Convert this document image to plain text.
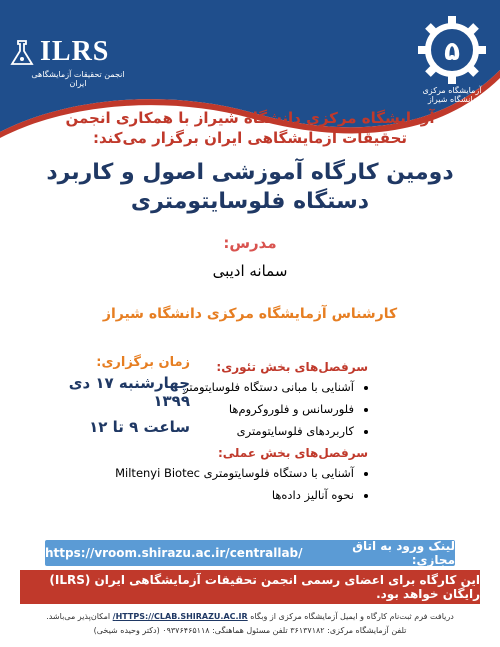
ILRS
انجمن تحقیقات آزمایشگاهی ایران
۵
آزمایشگاه مرکزی دانشگاه شیراز
آزمایشگاه مرکزی دانشگاه شیراز با همکاری انجمن
تحقیقات آزمایشگاهی ایران برگزار می‌کند:
دومین کارگاه آموزشی اصول و کاربرد
دستگاه فلوسایتومتری
مدرس:
سمانه ادیبی
کارشناس آزمایشگاه مرکزی دانشگاه شیراز
زمان برگزاری:
چهارشنبه ۱۷ دی ۱۳۹۹
ساعت ۹ تا ۱۲
سرفصل‌های بخش تئوری:
• آشنایی با مبانی دستگاه فلوسایتومتر
• فلورسانس و فلوروکروم‌ها
• کاربردهای فلوسایتومتری
سرفصل‌های بخش عملی:
• آشنایی با دستگاه فلوسایتومتری Miltenyi Biotec
• نحوه آنالیز داده‌ها
لینک ورود به اتاق مجازی:
https://vroom.shirazu.ac.ir/centrallab/
این کارگاه برای اعضای رسمی انجمن تحقیقات آزمایشگاهی ایران (ILRS) رایگان خواهد بود.
دریافت فرم ثبت‌نام کارگاه و ایمیل آزمایشگاه مرکزی از وبگاه HTTPS://CLAB.SHIRAZU.AC.IR/ امکان‌پذیر می‌باشد.
تلفن آزمایشگاه مرکزی: ۳۶۱۳۷۱۸۲ تلفن مسئول هماهنگی: ۰۹۳۷۶۴۶۵۱۱۸ (دکتر وحیده شیخی)
